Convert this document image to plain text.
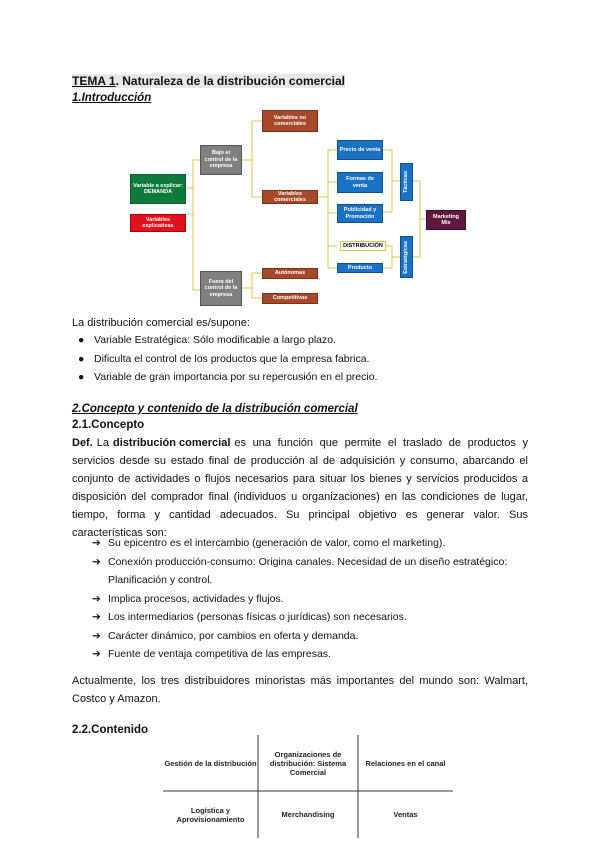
TEMA 1. Naturaleza de la distribución comercial
1.Introducción
Variable a explicar: DEMANDA
Variables explicativas
Bajo el control de la empresa
Fuera del control de la empresa
Variables no comerciales
Variables comerciales
Autónomas
Competitivas
Precio de venta
Formas de venta
Publicidad y Promoción
DISTRIBUCIÓN
Producto
Tácticas
Estratégicas
Marketing Mix
La distribución comercial es/supone:
● Variable Estratégica: Sólo modificable a largo plazo.
● Dificulta el control de los productos que la empresa fabrica.
● Variable de gran importancia por su repercusión en el precio.
2.Concepto y contenido de la distribución comercial
2.1.Concepto
Def. La distribución comercial es una función que permite el traslado de productos y
servicios desde su estado final de producción al de adquisición y consumo, abarcando el
conjunto de actividades o flujos necesarios para situar los bienes y servicios producidos a
disposición del comprador final (individuos u organizaciones) en las condiciones de lugar,
tiempo, forma y cantidad adecuados. Su principal objetivo es generar valor. Sus
características son:
➔ Su epicentro es el intercambio (generación de valor, como el marketing).
➔ Conexión producción-consumo: Origina canales. Necesidad de un diseño estratégico:
Planificación y control.
➔ Implica procesos, actividades y flujos.
➔ Los intermediarios (personas físicas o jurídicas) son necesarios.
➔ Carácter dinámico, por cambios en oferta y demanda.
➔ Fuente de ventaja competitiva de las empresas.
Actualmente, los tres distribuidores minoristas más importantes del mundo son: Walmart,
Costco y Amazon.
2.2.Contenido
Gestión de la distribución
Organizaciones de distribución: Sistema Comercial
Relaciones en el canal
Logística y Aprovisionamiento	Merchandising	Ventas
